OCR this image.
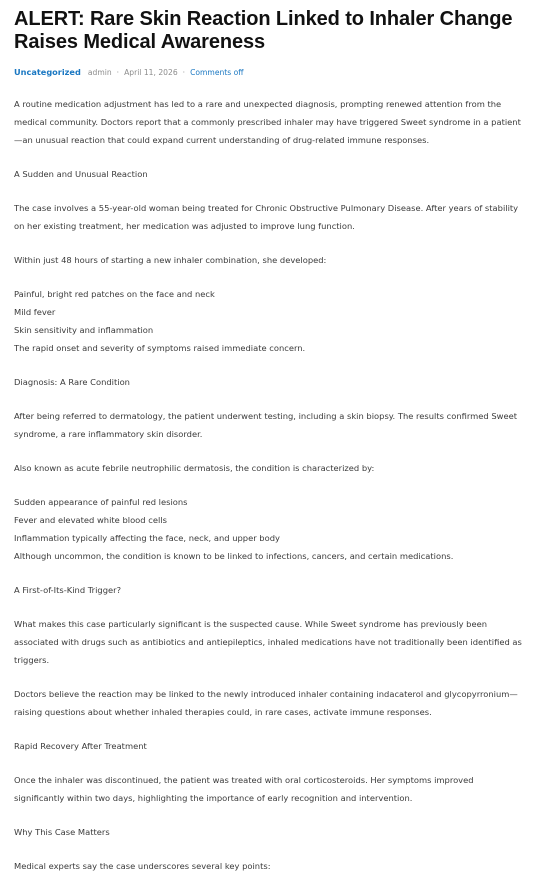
ALERT: Rare Skin Reaction Linked to Inhaler Change Raises Medical Awareness
Uncategorized admin · April 11, 2026 · Comments off

A routine medication adjustment has led to a rare and unexpected diagnosis, prompting renewed attention from the medical community. Doctors report that a commonly prescribed inhaler may have triggered Sweet syndrome in a patient—an unusual reaction that could expand current understanding of drug-related immune responses.

A Sudden and Unusual Reaction

The case involves a 55-year-old woman being treated for Chronic Obstructive Pulmonary Disease. After years of stability on her existing treatment, her medication was adjusted to improve lung function.

Within just 48 hours of starting a new inhaler combination, she developed:

Painful, bright red patches on the face and neck

Mild fever

Skin sensitivity and inflammation

The rapid onset and severity of symptoms raised immediate concern.

Diagnosis: A Rare Condition

After being referred to dermatology, the patient underwent testing, including a skin biopsy. The results confirmed Sweet syndrome, a rare inflammatory skin disorder.

Also known as acute febrile neutrophilic dermatosis, the condition is characterized by:

Sudden appearance of painful red lesions

Fever and elevated white blood cells

Inflammation typically affecting the face, neck, and upper body

Although uncommon, the condition is known to be linked to infections, cancers, and certain medications.

A First-of-Its-Kind Trigger?

What makes this case particularly significant is the suspected cause. While Sweet syndrome has previously been associated with drugs such as antibiotics and antiepileptics, inhaled medications have not traditionally been identified as triggers.

Doctors believe the reaction may be linked to the newly introduced inhaler containing indacaterol and glycopyrronium—raising questions about whether inhaled therapies could, in rare cases, activate immune responses.

Rapid Recovery After Treatment

Once the inhaler was discontinued, the patient was treated with oral corticosteroids. Her symptoms improved significantly within two days, highlighting the importance of early recognition and intervention.

Why This Case Matters

Medical experts say the case underscores several key points:
